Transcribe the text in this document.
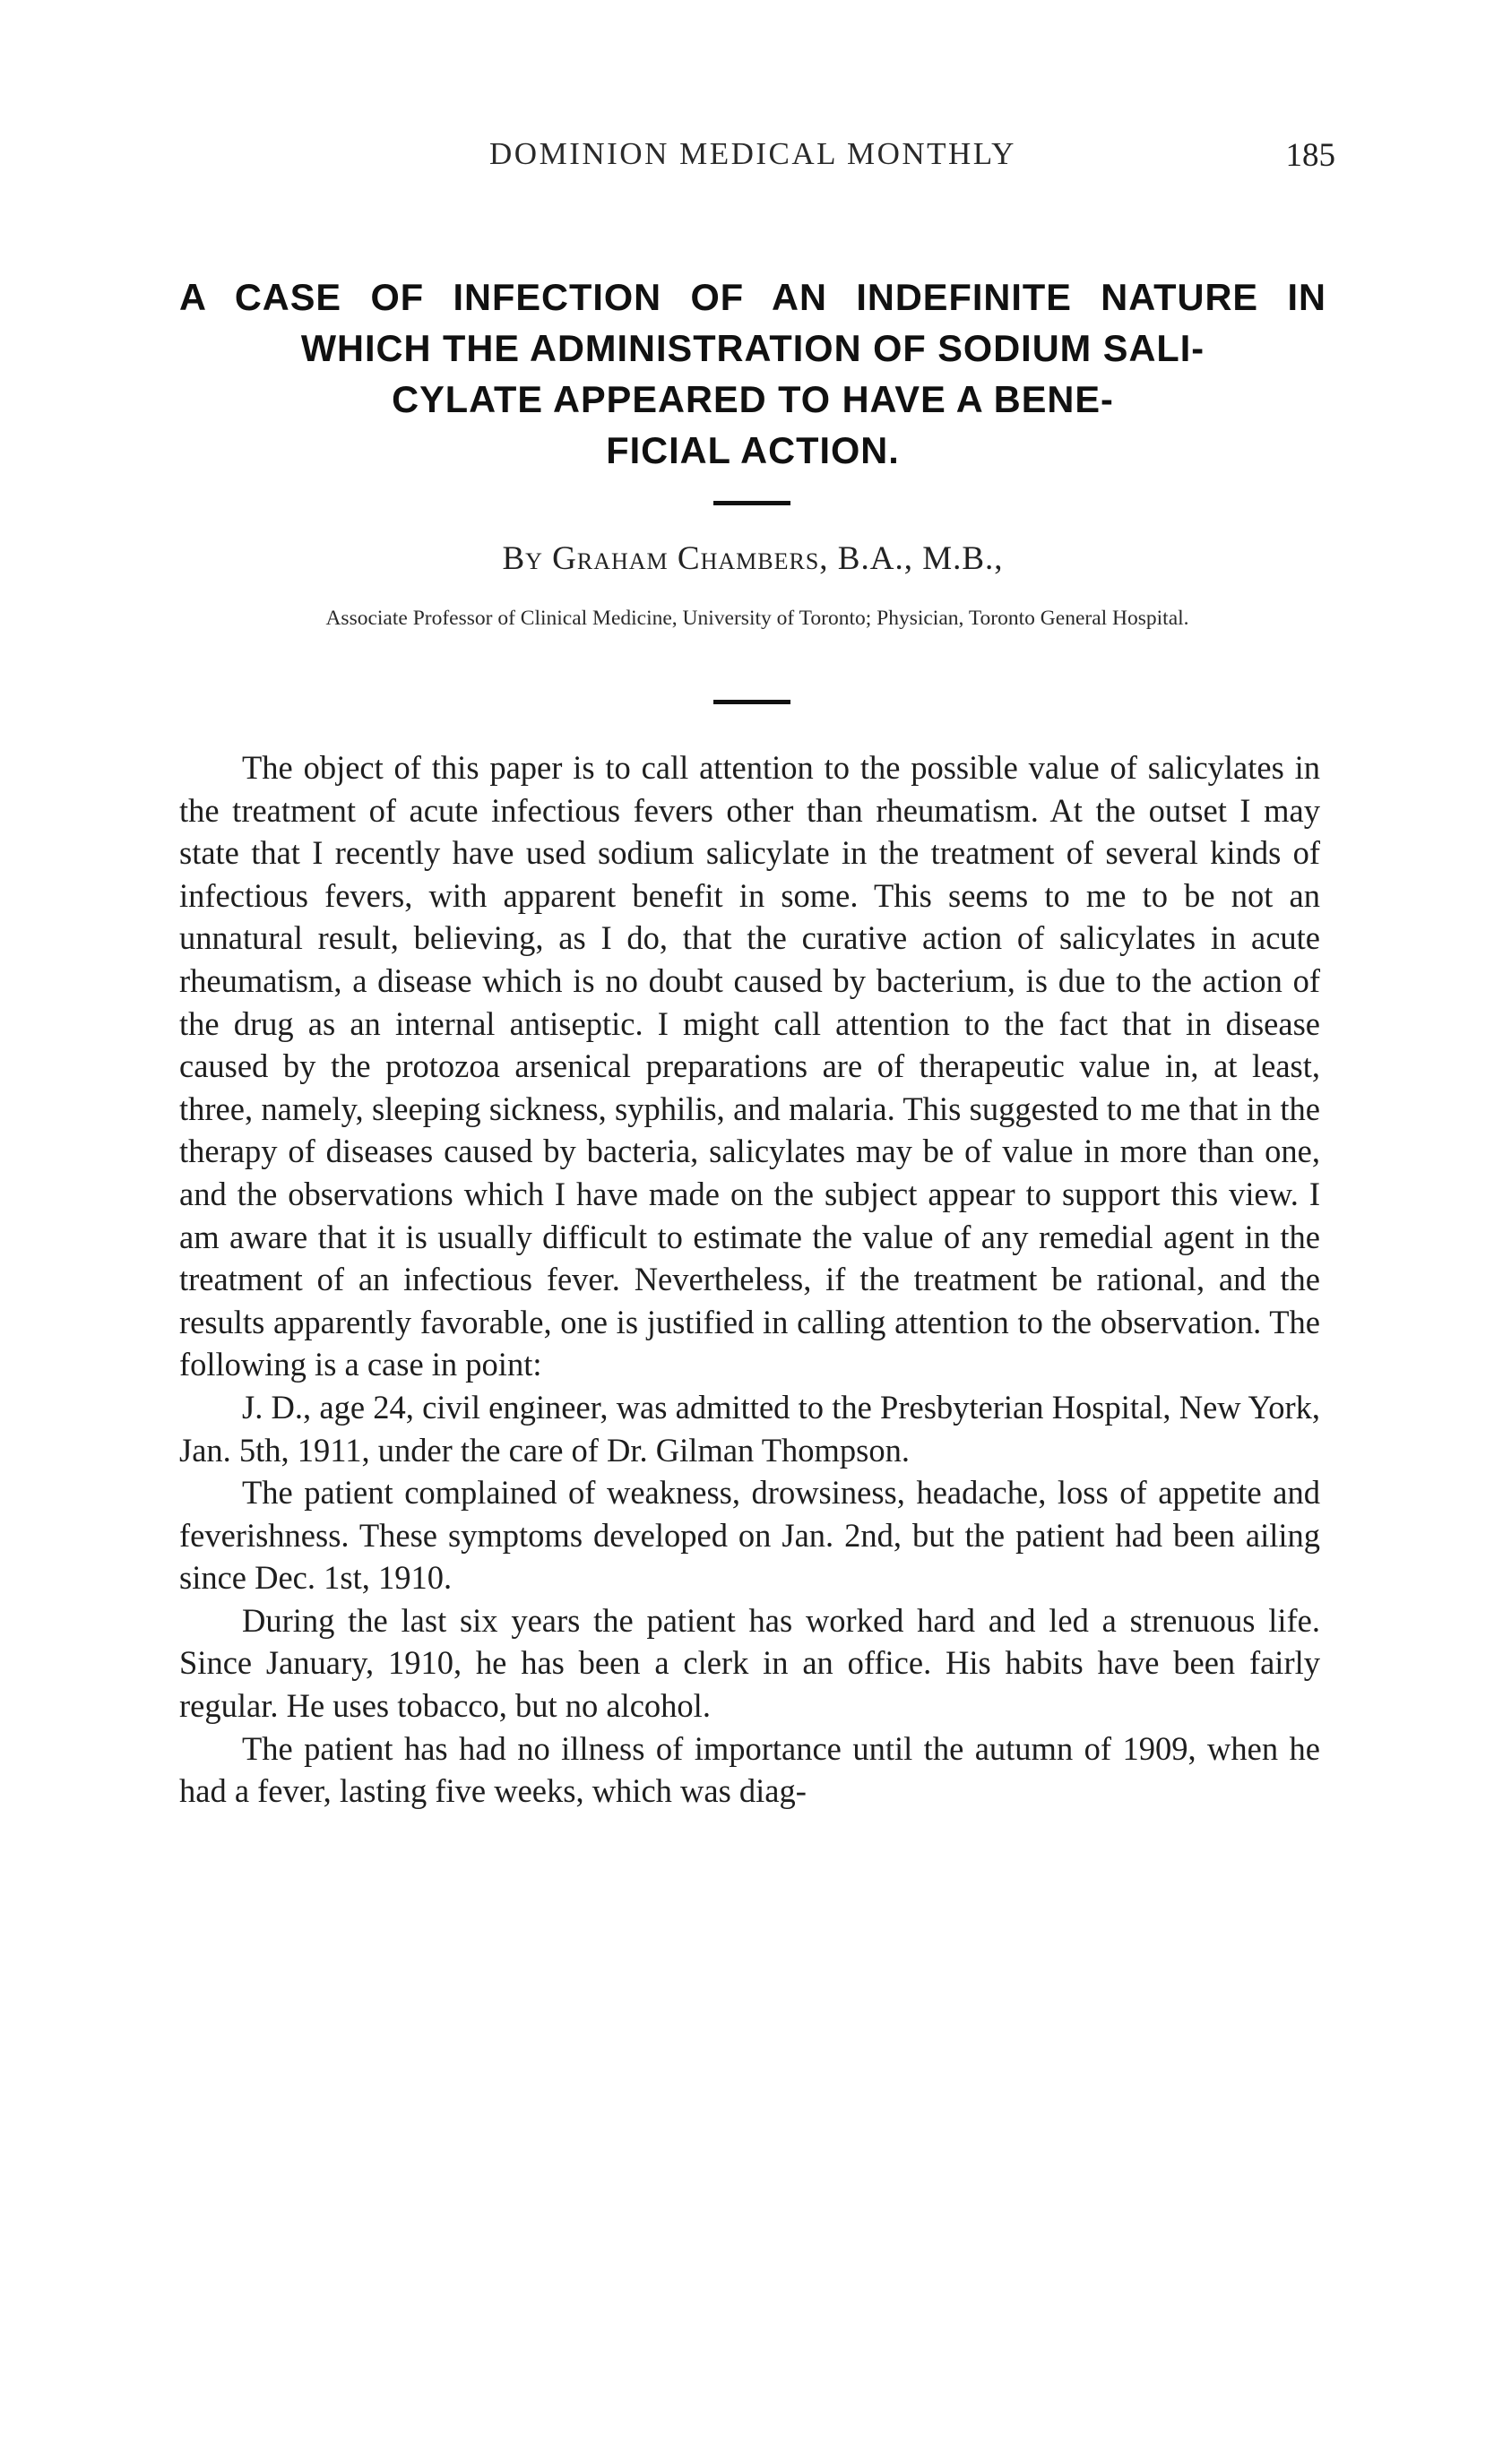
DOMINION MEDICAL MONTHLY	185
A CASE OF INFECTION OF AN INDEFINITE NATURE IN
WHICH THE ADMINISTRATION OF SODIUM SALI-
CYLATE APPEARED TO HAVE A BENE-
FICIAL ACTION.
By Graham Chambers, B.A., M.B.,
Associate Professor of Clinical Medicine, University of Toronto; Physician, Toronto General Hospital.

The object of this paper is to call attention to the possible value of salicylates in the treatment of acute infectious fevers other than rheumatism. At the outset I may state that I recently have used sodium salicylate in the treatment of several kinds of infectious fevers, with apparent benefit in some. This seems to me to be not an unnatural result, believing, as I do, that the curative action of salicylates in acute rheumatism, a disease which is no doubt caused by bacterium, is due to the action of the drug as an internal antiseptic. I might call attention to the fact that in disease caused by the protozoa arsenical preparations are of therapeutic value in, at least, three, namely, sleeping sickness, syphilis, and malaria. This suggested to me that in the therapy of diseases caused by bacteria, salicylates may be of value in more than one, and the observations which I have made on the subject appear to support this view. I am aware that it is usually difficult to estimate the value of any remedial agent in the treatment of an infectious fever. Nevertheless, if the treatment be rational, and the results apparently favorable, one is justified in calling attention to the observation. The following is a case in point:

J. D., age 24, civil engineer, was admitted to the Presbyterian Hospital, New York, Jan. 5th, 1911, under the care of Dr. Gilman Thompson.

The patient complained of weakness, drowsiness, headache, loss of appetite and feverishness. These symptoms developed on Jan. 2nd, but the patient had been ailing since Dec. 1st, 1910.

During the last six years the patient has worked hard and led a strenuous life. Since January, 1910, he has been a clerk in an office. His habits have been fairly regular. He uses tobacco, but no alcohol.

The patient has had no illness of importance until the autumn of 1909, when he had a fever, lasting five weeks, which was diag-
